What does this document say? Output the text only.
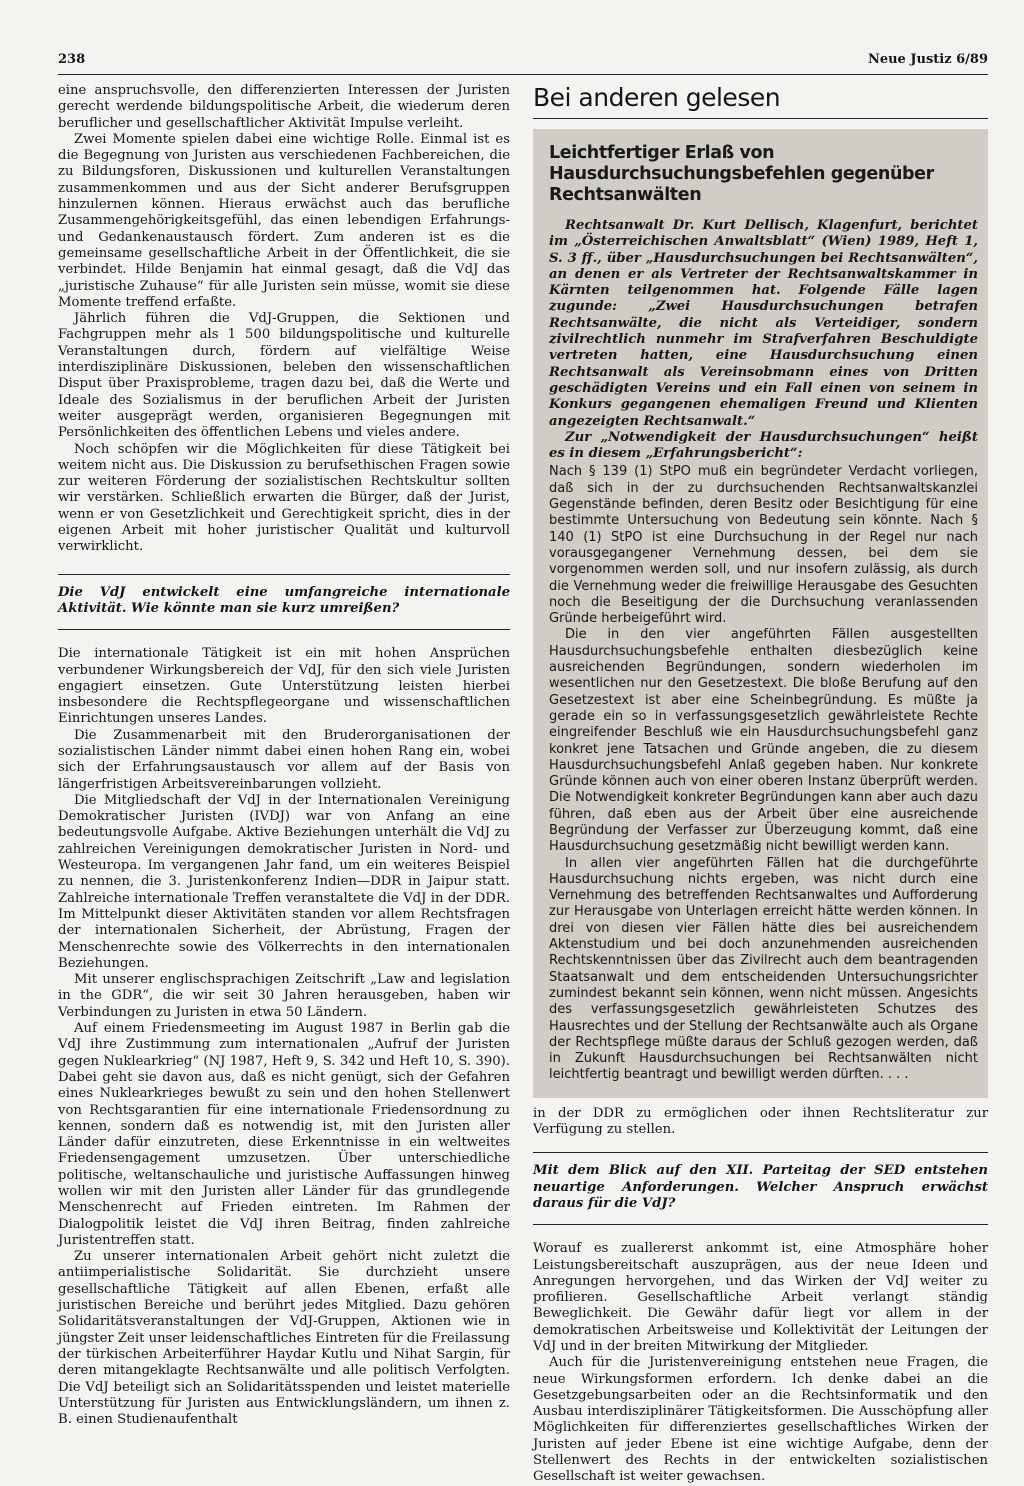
238	Neue Justiz 6/89

eine anspruchsvolle, den differenzierten Interessen der Juristen gerecht werdende bildungspolitische Arbeit, die wiederum deren beruflicher und gesellschaftlicher Aktivität Impulse verleiht.

Zwei Momente spielen dabei eine wichtige Rolle. Einmal ist es die Begegnung von Juristen aus verschiedenen Fachbereichen, die zu Bildungsforen, Diskussionen und kulturellen Veranstaltungen zusammenkommen und aus der Sicht anderer Berufsgruppen hinzulernen können. Hieraus erwächst auch das berufliche Zusammengehörigkeitsgefühl, das einen lebendigen Erfahrungs- und Gedankenaustausch fördert. Zum anderen ist es die gemeinsame gesellschaftliche Arbeit in der Öffentlichkeit, die sie verbindet. Hilde Benjamin hat einmal gesagt, daß die VdJ das „juristische Zuhause“ für alle Juristen sein müsse, womit sie diese Momente treffend erfaßte.

Jährlich führen die VdJ-Gruppen, die Sektionen und Fachgruppen mehr als 1 500 bildungspolitische und kulturelle Veranstaltungen durch, fördern auf vielfältige Weise interdisziplinäre Diskussionen, beleben den wissenschaftlichen Disput über Praxisprobleme, tragen dazu bei, daß die Werte und Ideale des Sozialismus in der beruflichen Arbeit der Juristen weiter ausgeprägt werden, organisieren Begegnungen mit Persönlichkeiten des öffentlichen Lebens und vieles andere.

Noch schöpfen wir die Möglichkeiten für diese Tätigkeit bei weitem nicht aus. Die Diskussion zu berufsethischen Fragen sowie zur weiteren Förderung der sozialistischen Rechtskultur sollten wir verstärken. Schließlich erwarten die Bürger, daß der Jurist, wenn er von Gesetzlichkeit und Gerechtigkeit spricht, dies in der eigenen Arbeit mit hoher juristischer Qualität und kulturvoll verwirklicht.

Die VdJ entwickelt eine umfangreiche internationale Aktivität. Wie könnte man sie kurz umreißen?

Die internationale Tätigkeit ist ein mit hohen Ansprüchen verbundener Wirkungsbereich der VdJ, für den sich viele Juristen engagiert einsetzen. Gute Unterstützung leisten hierbei insbesondere die Rechtspflegeorgane und wissenschaftlichen Einrichtungen unseres Landes.

Die Zusammenarbeit mit den Bruderorganisationen der sozialistischen Länder nimmt dabei einen hohen Rang ein, wobei sich der Erfahrungsaustausch vor allem auf der Basis von längerfristigen Arbeitsvereinbarungen vollzieht.

Die Mitgliedschaft der VdJ in der Internationalen Vereinigung Demokratischer Juristen (IVDJ) war von Anfang an eine bedeutungsvolle Aufgabe. Aktive Beziehungen unterhält die VdJ zu zahlreichen Vereinigungen demokratischer Juristen in Nord- und Westeuropa. Im vergangenen Jahr fand, um ein weiteres Beispiel zu nennen, die 3. Juristenkonferenz Indien—DDR in Jaipur statt. Zahlreiche internationale Treffen veranstaltete die VdJ in der DDR. Im Mittelpunkt dieser Aktivitäten standen vor allem Rechtsfragen der internationalen Sicherheit, der Abrüstung, Fragen der Menschenrechte sowie des Völkerrechts in den internationalen Beziehungen.

Mit unserer englischsprachigen Zeitschrift „Law and legislation in the GDR“, die wir seit 30 Jahren herausgeben, haben wir Verbindungen zu Juristen in etwa 50 Ländern.

Auf einem Friedensmeeting im August 1987 in Berlin gab die VdJ ihre Zustimmung zum internationalen „Aufruf der Juristen gegen Nuklearkrieg“ (NJ 1987, Heft 9, S. 342 und Heft 10, S. 390). Dabei geht sie davon aus, daß es nicht genügt, sich der Gefahren eines Nuklearkrieges bewußt zu sein und den hohen Stellenwert von Rechtsgarantien für eine internationale Friedensordnung zu kennen, sondern daß es notwendig ist, mit den Juristen aller Länder dafür einzutreten, diese Erkenntnisse in ein weltweites Friedensengagement umzusetzen. Über unterschiedliche politische, weltanschauliche und juristische Auffassungen hinweg wollen wir mit den Juristen aller Länder für das grundlegende Menschenrecht auf Frieden eintreten. Im Rahmen der Dialogpolitik leistet die VdJ ihren Beitrag, finden zahlreiche Juristentreffen statt.

Zu unserer internationalen Arbeit gehört nicht zuletzt die antiimperialistische Solidarität. Sie durchzieht unsere gesellschaftliche Tätigkeit auf allen Ebenen, erfaßt alle juristischen Bereiche und berührt jedes Mitglied. Dazu gehören Solidaritätsveranstaltungen der VdJ-Gruppen, Aktionen wie in jüngster Zeit unser leidenschaftliches Eintreten für die Freilassung der türkischen Arbeiterführer Haydar Kutlu und Nihat Sargin, für deren mitangeklagte Rechtsanwälte und alle politisch Verfolgten. Die VdJ beteiligt sich an Solidaritätsspenden und leistet materielle Unterstützung für Juristen aus Entwicklungsländern, um ihnen z. B. einen Studienaufenthalt

Bei anderen gelesen
Leichtfertiger Erlaß von Hausdurchsuchungsbefehlen gegenüber Rechtsanwälten

Rechtsanwalt Dr. Kurt Dellisch, Klagenfurt, berichtet im „Österreichischen Anwaltsblatt“ (Wien) 1989, Heft 1, S. 3 ff., über „Hausdurchsuchungen bei Rechtsanwälten“, an denen er als Vertreter der Rechtsanwaltskammer in Kärnten teilgenommen hat. Folgende Fälle lagen zugunde: „Zwei Hausdurchsuchungen betrafen Rechtsanwälte, die nicht als Verteidiger, sondern zivilrechtlich nunmehr im Strafverfahren Beschuldigte vertreten hatten, eine Hausdurchsuchung einen Rechtsanwalt als Vereinsobmann eines von Dritten geschädigten Vereins und ein Fall einen von seinem in Konkurs gegangenen ehemaligen Freund und Klienten angezeigten Rechtsanwalt.“

Zur „Notwendigkeit der Hausdurchsuchungen“ heißt es in diesem „Erfahrungsbericht“:

Nach § 139 (1) StPO muß ein begründeter Verdacht vorliegen, daß sich in der zu durchsuchenden Rechtsanwaltskanzlei Gegenstände befinden, deren Besitz oder Besichtigung für eine bestimmte Untersuchung von Bedeutung sein könnte. Nach § 140 (1) StPO ist eine Durchsuchung in der Regel nur nach vorausgegangener Vernehmung dessen, bei dem sie vorgenommen werden soll, und nur insofern zulässig, als durch die Vernehmung weder die freiwillige Herausgabe des Gesuchten noch die Beseitigung der die Durchsuchung veranlassenden Gründe herbeigeführt wird.

Die in den vier angeführten Fällen ausgestellten Hausdurchsuchungsbefehle enthalten diesbezüglich keine ausreichenden Begründungen, sondern wiederholen im wesentlichen nur den Gesetzestext. Die bloße Berufung auf den Gesetzestext ist aber eine Scheinbegründung. Es müßte ja gerade ein so in verfassungsgesetzlich gewährleistete Rechte eingreifender Beschluß wie ein Hausdurchsuchungsbefehl ganz konkret jene Tatsachen und Gründe angeben, die zu diesem Hausdurchsuchungsbefehl Anlaß gegeben haben. Nur konkrete Gründe können auch von einer oberen Instanz überprüft werden. Die Notwendigkeit konkreter Begründungen kann aber auch dazu führen, daß eben aus der Arbeit über eine ausreichende Begründung der Verfasser zur Überzeugung kommt, daß eine Hausdurchsuchung gesetzmäßig nicht bewilligt werden kann.

In allen vier angeführten Fällen hat die durchgeführte Hausdurchsuchung nichts ergeben, was nicht durch eine Vernehmung des betreffenden Rechtsanwaltes und Aufforderung zur Herausgabe von Unterlagen erreicht hätte werden können. In drei von diesen vier Fällen hätte dies bei ausreichendem Aktenstudium und bei doch anzunehmenden ausreichenden Rechtskenntnissen über das Zivilrecht auch dem beantragenden Staatsanwalt und dem entscheidenden Untersuchungsrichter zumindest bekannt sein können, wenn nicht müssen. Angesichts des verfassungsgesetzlich gewährleisteten Schutzes des Hausrechtes und der Stellung der Rechtsanwälte auch als Organe der Rechtspflege müßte daraus der Schluß gezogen werden, daß in Zukunft Hausdurchsuchungen bei Rechtsanwälten nicht leichtfertig beantragt und bewilligt werden dürften. . . .

in der DDR zu ermöglichen oder ihnen Rechtsliteratur zur Verfügung zu stellen.

Mit dem Blick auf den XII. Parteitag der SED entstehen neuartige Anforderungen. Welcher Anspruch erwächst daraus für die VdJ?

Worauf es zuallererst ankommt ist, eine Atmosphäre hoher Leistungsbereitschaft auszuprägen, aus der neue Ideen und Anregungen hervorgehen, und das Wirken der VdJ weiter zu profilieren. Gesellschaftliche Arbeit verlangt ständig Beweglichkeit. Die Gewähr dafür liegt vor allem in der demokratischen Arbeitsweise und Kollektivität der Leitungen der VdJ und in der breiten Mitwirkung der Mitglieder.

Auch für die Juristenvereinigung entstehen neue Fragen, die neue Wirkungsformen erfordern. Ich denke dabei an die Gesetzgebungsarbeiten oder an die Rechtsinformatik und den Ausbau interdisziplinärer Tätigkeitsformen. Die Ausschöpfung aller Möglichkeiten für differenziertes gesellschaftliches Wirken der Juristen auf jeder Ebene ist eine wichtige Aufgabe, denn der Stellenwert des Rechts in der entwickelten sozialistischen Gesellschaft ist weiter gewachsen.
